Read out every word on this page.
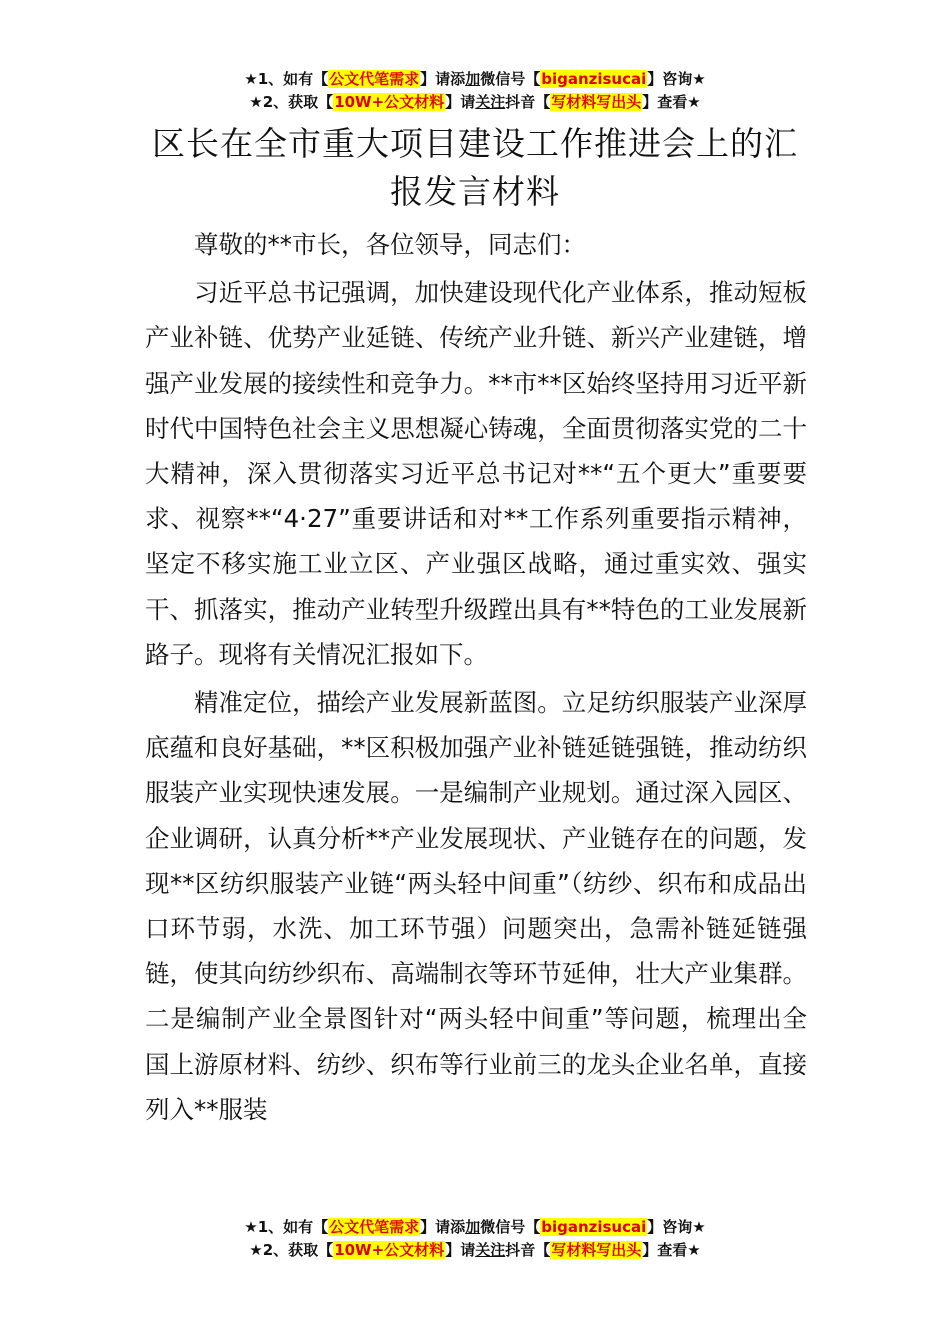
★1、如有【公文代笔需求】请添加微信号【biganzisucai】咨询★
★2、获取【10W+公文材料】请关注抖音【写材料写出头】查看★
区长在全市重大项目建设工作推进会上的汇报发言材料

尊敬的**市长，各位领导，同志们：

习近平总书记强调，加快建设现代化产业体系，推动短板产业补链、优势产业延链、传统产业升链、新兴产业建链，增强产业发展的接续性和竞争力。**市**区始终坚持用习近平新时代中国特色社会主义思想凝心铸魂，全面贯彻落实党的二十大精神，深入贯彻落实习近平总书记对**“五个更大”重要要求、视察**“4·27”重要讲话和对**工作系列重要指示精神，坚定不移实施工业立区、产业强区战略，通过重实效、强实干、抓落实，推动产业转型升级蹚出具有**特色的工业发展新路子。现将有关情况汇报如下。

精准定位，描绘产业发展新蓝图。立足纺织服装产业深厚底蕴和良好基础，**区积极加强产业补链延链强链，推动纺织服装产业实现快速发展。一是编制产业规划。通过深入园区、企业调研，认真分析**产业发展现状、产业链存在的问题，发现**区纺织服装产业链“两头轻中间重”（纺纱、织布和成品出口环节弱，水洗、加工环节强）问题突出，急需补链延链强链，使其向纺纱织布、高端制衣等环节延伸，壮大产业集群。二是编制产业全景图针对“两头轻中间重”等问题，梳理出全国上游原材料、纺纱、织布等行业前三的龙头企业名单，直接列入**服装

★1、如有【公文代笔需求】请添加微信号【biganzisucai】咨询★
★2、获取【10W+公文材料】请关注抖音【写材料写出头】查看★
